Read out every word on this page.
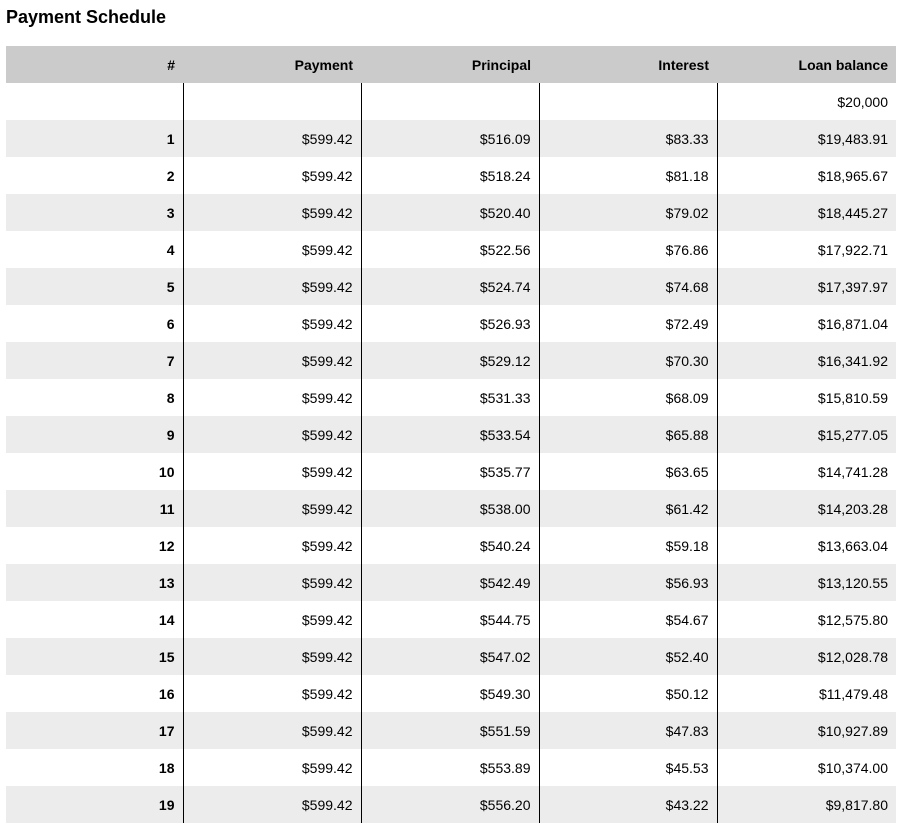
Payment Schedule
#	Payment	Principal	Interest	Loan balance
				$20,000
1	$599.42	$516.09	$83.33	$19,483.91
2	$599.42	$518.24	$81.18	$18,965.67
3	$599.42	$520.40	$79.02	$18,445.27
4	$599.42	$522.56	$76.86	$17,922.71
5	$599.42	$524.74	$74.68	$17,397.97
6	$599.42	$526.93	$72.49	$16,871.04
7	$599.42	$529.12	$70.30	$16,341.92
8	$599.42	$531.33	$68.09	$15,810.59
9	$599.42	$533.54	$65.88	$15,277.05
10	$599.42	$535.77	$63.65	$14,741.28
11	$599.42	$538.00	$61.42	$14,203.28
12	$599.42	$540.24	$59.18	$13,663.04
13	$599.42	$542.49	$56.93	$13,120.55
14	$599.42	$544.75	$54.67	$12,575.80
15	$599.42	$547.02	$52.40	$12,028.78
16	$599.42	$549.30	$50.12	$11,479.48
17	$599.42	$551.59	$47.83	$10,927.89
18	$599.42	$553.89	$45.53	$10,374.00
19	$599.42	$556.20	$43.22	$9,817.80
